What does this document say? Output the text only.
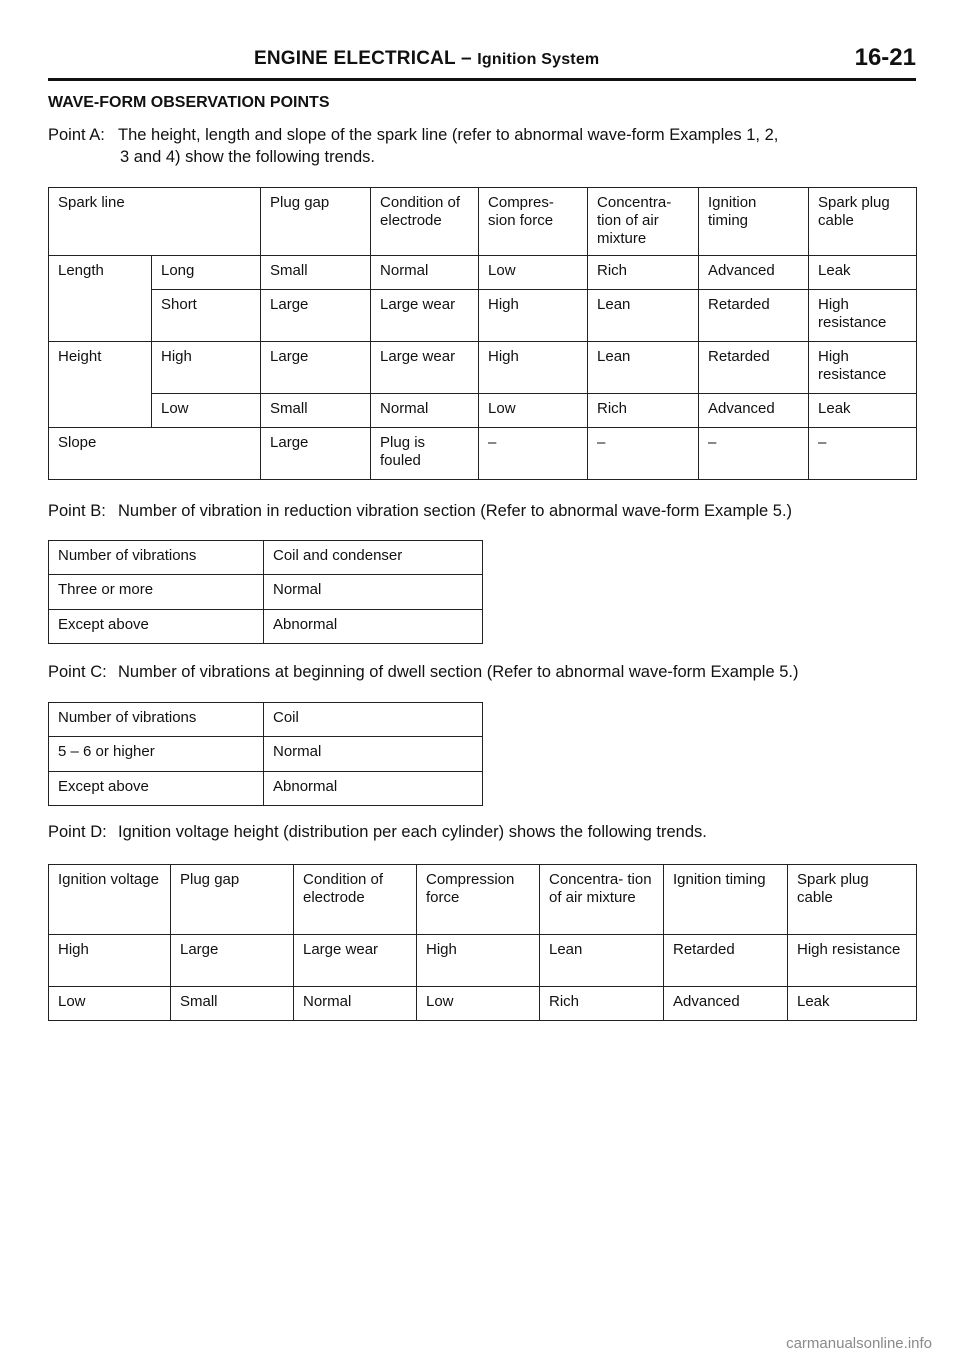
ENGINE ELECTRICAL – Ignition System	16-21
WAVE-FORM OBSERVATION POINTS
Point A: The height, length and slope of the spark line (refer to abnormal wave-form Examples 1, 2,
3 and 4) show the following trends.
Spark line		Plug gap	Condition of electrode	Compres- sion force	Concentra- tion of air mixture	Ignition timing	Spark plug cable
Length	Long	Small	Normal	Low	Rich	Advanced	Leak
	Short	Large	Large wear	High	Lean	Retarded	High resistance
Height	High	Large	Large wear	High	Lean	Retarded	High resistance
	Low	Small	Normal	Low	Rich	Advanced	Leak
Slope		Large	Plug is fouled	–	–	–	–
Point B: Number of vibration in reduction vibration section (Refer to abnormal wave-form Example 5.)
Number of vibrations	Coil and condenser
Three or more	Normal
Except above	Abnormal
Point C: Number of vibrations at beginning of dwell section (Refer to abnormal wave-form Example 5.)
Number of vibrations	Coil
5 – 6 or higher	Normal
Except above	Abnormal
Point D: Ignition voltage height (distribution per each cylinder) shows the following trends.
Ignition voltage	Plug gap	Condition of electrode	Compression force	Concentra- tion of air mixture	Ignition timing	Spark plug cable
High	Large	Large wear	High	Lean	Retarded	High resistance
Low	Small	Normal	Low	Rich	Advanced	Leak
carmanualsonline.info
